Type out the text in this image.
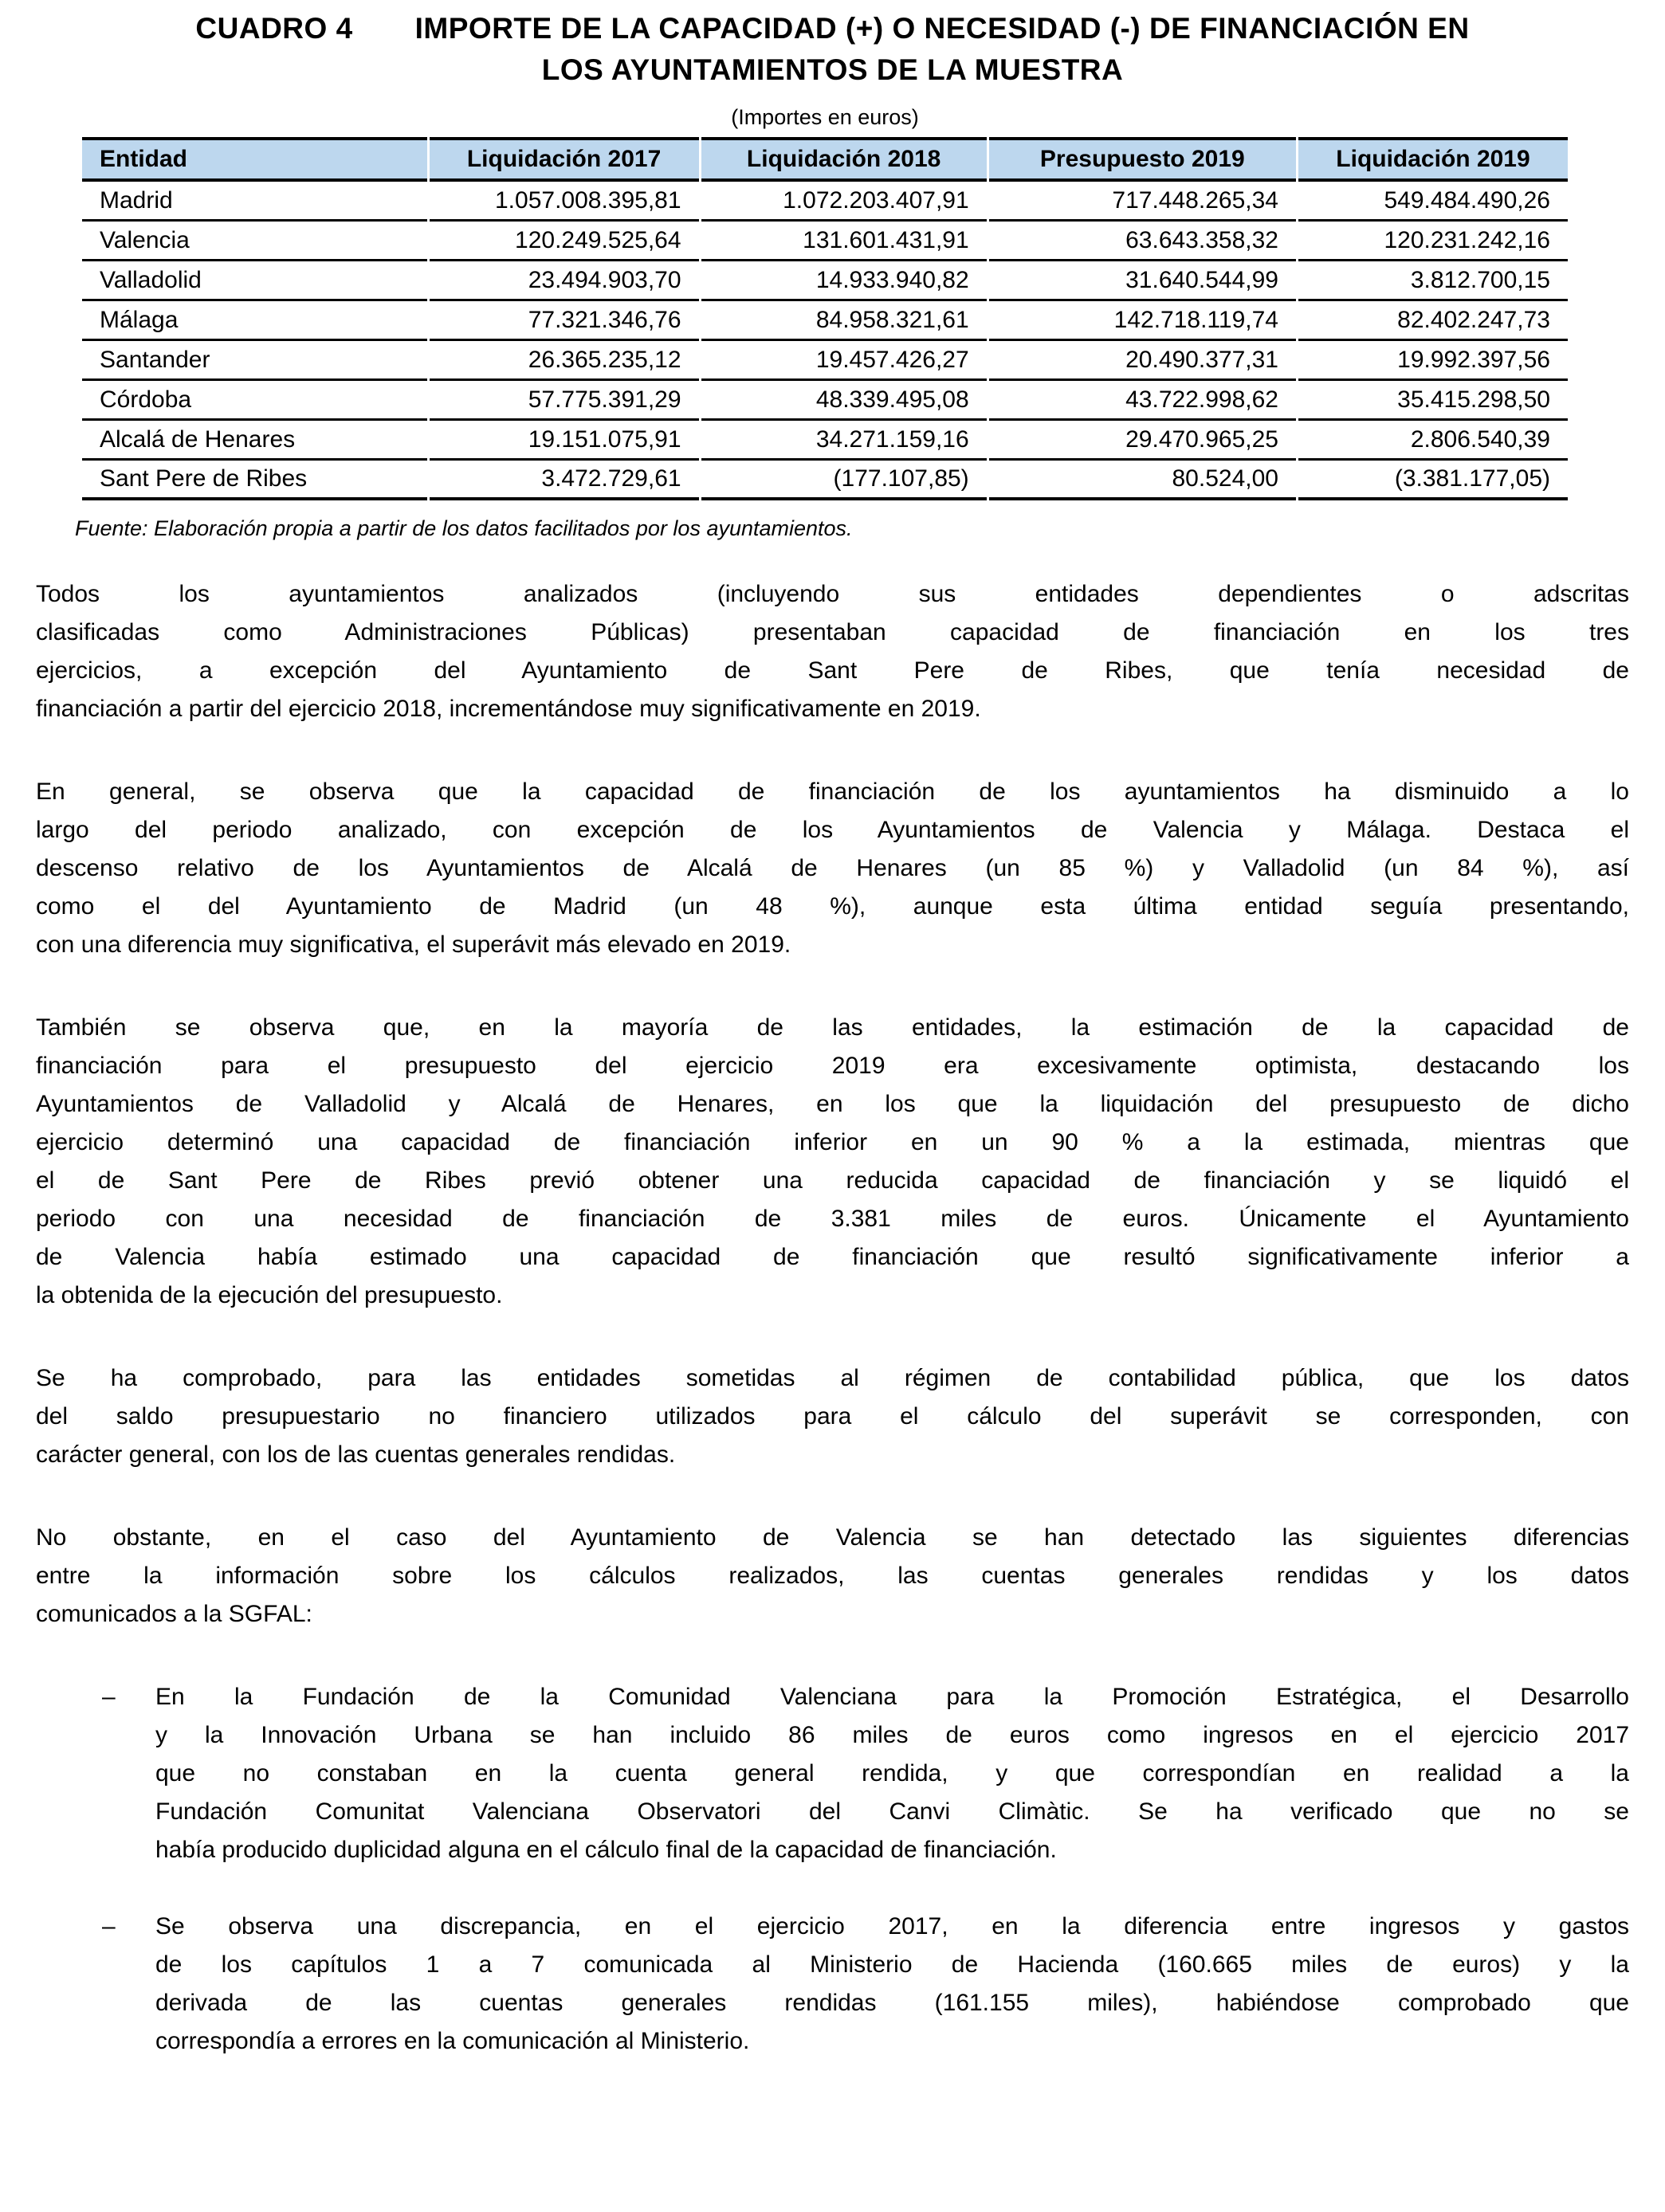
CUADRO 4 IMPORTE DE LA CAPACIDAD (+) O NECESIDAD (-) DE FINANCIACIÓN EN
LOS AYUNTAMIENTOS DE LA MUESTRA
(Importes en euros)
Entidad	Liquidación 2017	Liquidación 2018	Presupuesto 2019	Liquidación 2019
Madrid	1.057.008.395,81	1.072.203.407,91	717.448.265,34	549.484.490,26
Valencia	120.249.525,64	131.601.431,91	63.643.358,32	120.231.242,16
Valladolid	23.494.903,70	14.933.940,82	31.640.544,99	3.812.700,15
Málaga	77.321.346,76	84.958.321,61	142.718.119,74	82.402.247,73
Santander	26.365.235,12	19.457.426,27	20.490.377,31	19.992.397,56
Córdoba	57.775.391,29	48.339.495,08	43.722.998,62	35.415.298,50
Alcalá de Henares	19.151.075,91	34.271.159,16	29.470.965,25	2.806.540,39
Sant Pere de Ribes	3.472.729,61	(177.107,85)	80.524,00	(3.381.177,05)
Fuente: Elaboración propia a partir de los datos facilitados por los ayuntamientos.
Todos los ayuntamientos analizados (incluyendo sus entidades dependientes o adscritas
clasificadas como Administraciones Públicas) presentaban capacidad de financiación en los tres
ejercicios, a excepción del Ayuntamiento de Sant Pere de Ribes, que tenía necesidad de
financiación a partir del ejercicio 2018, incrementándose muy significativamente en 2019.
En general, se observa que la capacidad de financiación de los ayuntamientos ha disminuido a lo
largo del periodo analizado, con excepción de los Ayuntamientos de Valencia y Málaga. Destaca el
descenso relativo de los Ayuntamientos de Alcalá de Henares (un 85 %) y Valladolid (un 84 %), así
como el del Ayuntamiento de Madrid (un 48 %), aunque esta última entidad seguía presentando,
con una diferencia muy significativa, el superávit más elevado en 2019.
También se observa que, en la mayoría de las entidades, la estimación de la capacidad de
financiación para el presupuesto del ejercicio 2019 era excesivamente optimista, destacando los
Ayuntamientos de Valladolid y Alcalá de Henares, en los que la liquidación del presupuesto de dicho
ejercicio determinó una capacidad de financiación inferior en un 90 % a la estimada, mientras que
el de Sant Pere de Ribes previó obtener una reducida capacidad de financiación y se liquidó el
periodo con una necesidad de financiación de 3.381 miles de euros. Únicamente el Ayuntamiento
de Valencia había estimado una capacidad de financiación que resultó significativamente inferior a
la obtenida de la ejecución del presupuesto.
Se ha comprobado, para las entidades sometidas al régimen de contabilidad pública, que los datos
del saldo presupuestario no financiero utilizados para el cálculo del superávit se corresponden, con
carácter general, con los de las cuentas generales rendidas.
No obstante, en el caso del Ayuntamiento de Valencia se han detectado las siguientes diferencias
entre la información sobre los cálculos realizados, las cuentas generales rendidas y los datos
comunicados a la SGFAL:
–	En la Fundación de la Comunidad Valenciana para la Promoción Estratégica, el Desarrollo
y la Innovación Urbana se han incluido 86 miles de euros como ingresos en el ejercicio 2017
que no constaban en la cuenta general rendida, y que correspondían en realidad a la
Fundación Comunitat Valenciana Observatori del Canvi Climàtic. Se ha verificado que no se
había producido duplicidad alguna en el cálculo final de la capacidad de financiación.
–	Se observa una discrepancia, en el ejercicio 2017, en la diferencia entre ingresos y gastos
de los capítulos 1 a 7 comunicada al Ministerio de Hacienda (160.665 miles de euros) y la
derivada de las cuentas generales rendidas (161.155 miles), habiéndose comprobado que
correspondía a errores en la comunicación al Ministerio.
